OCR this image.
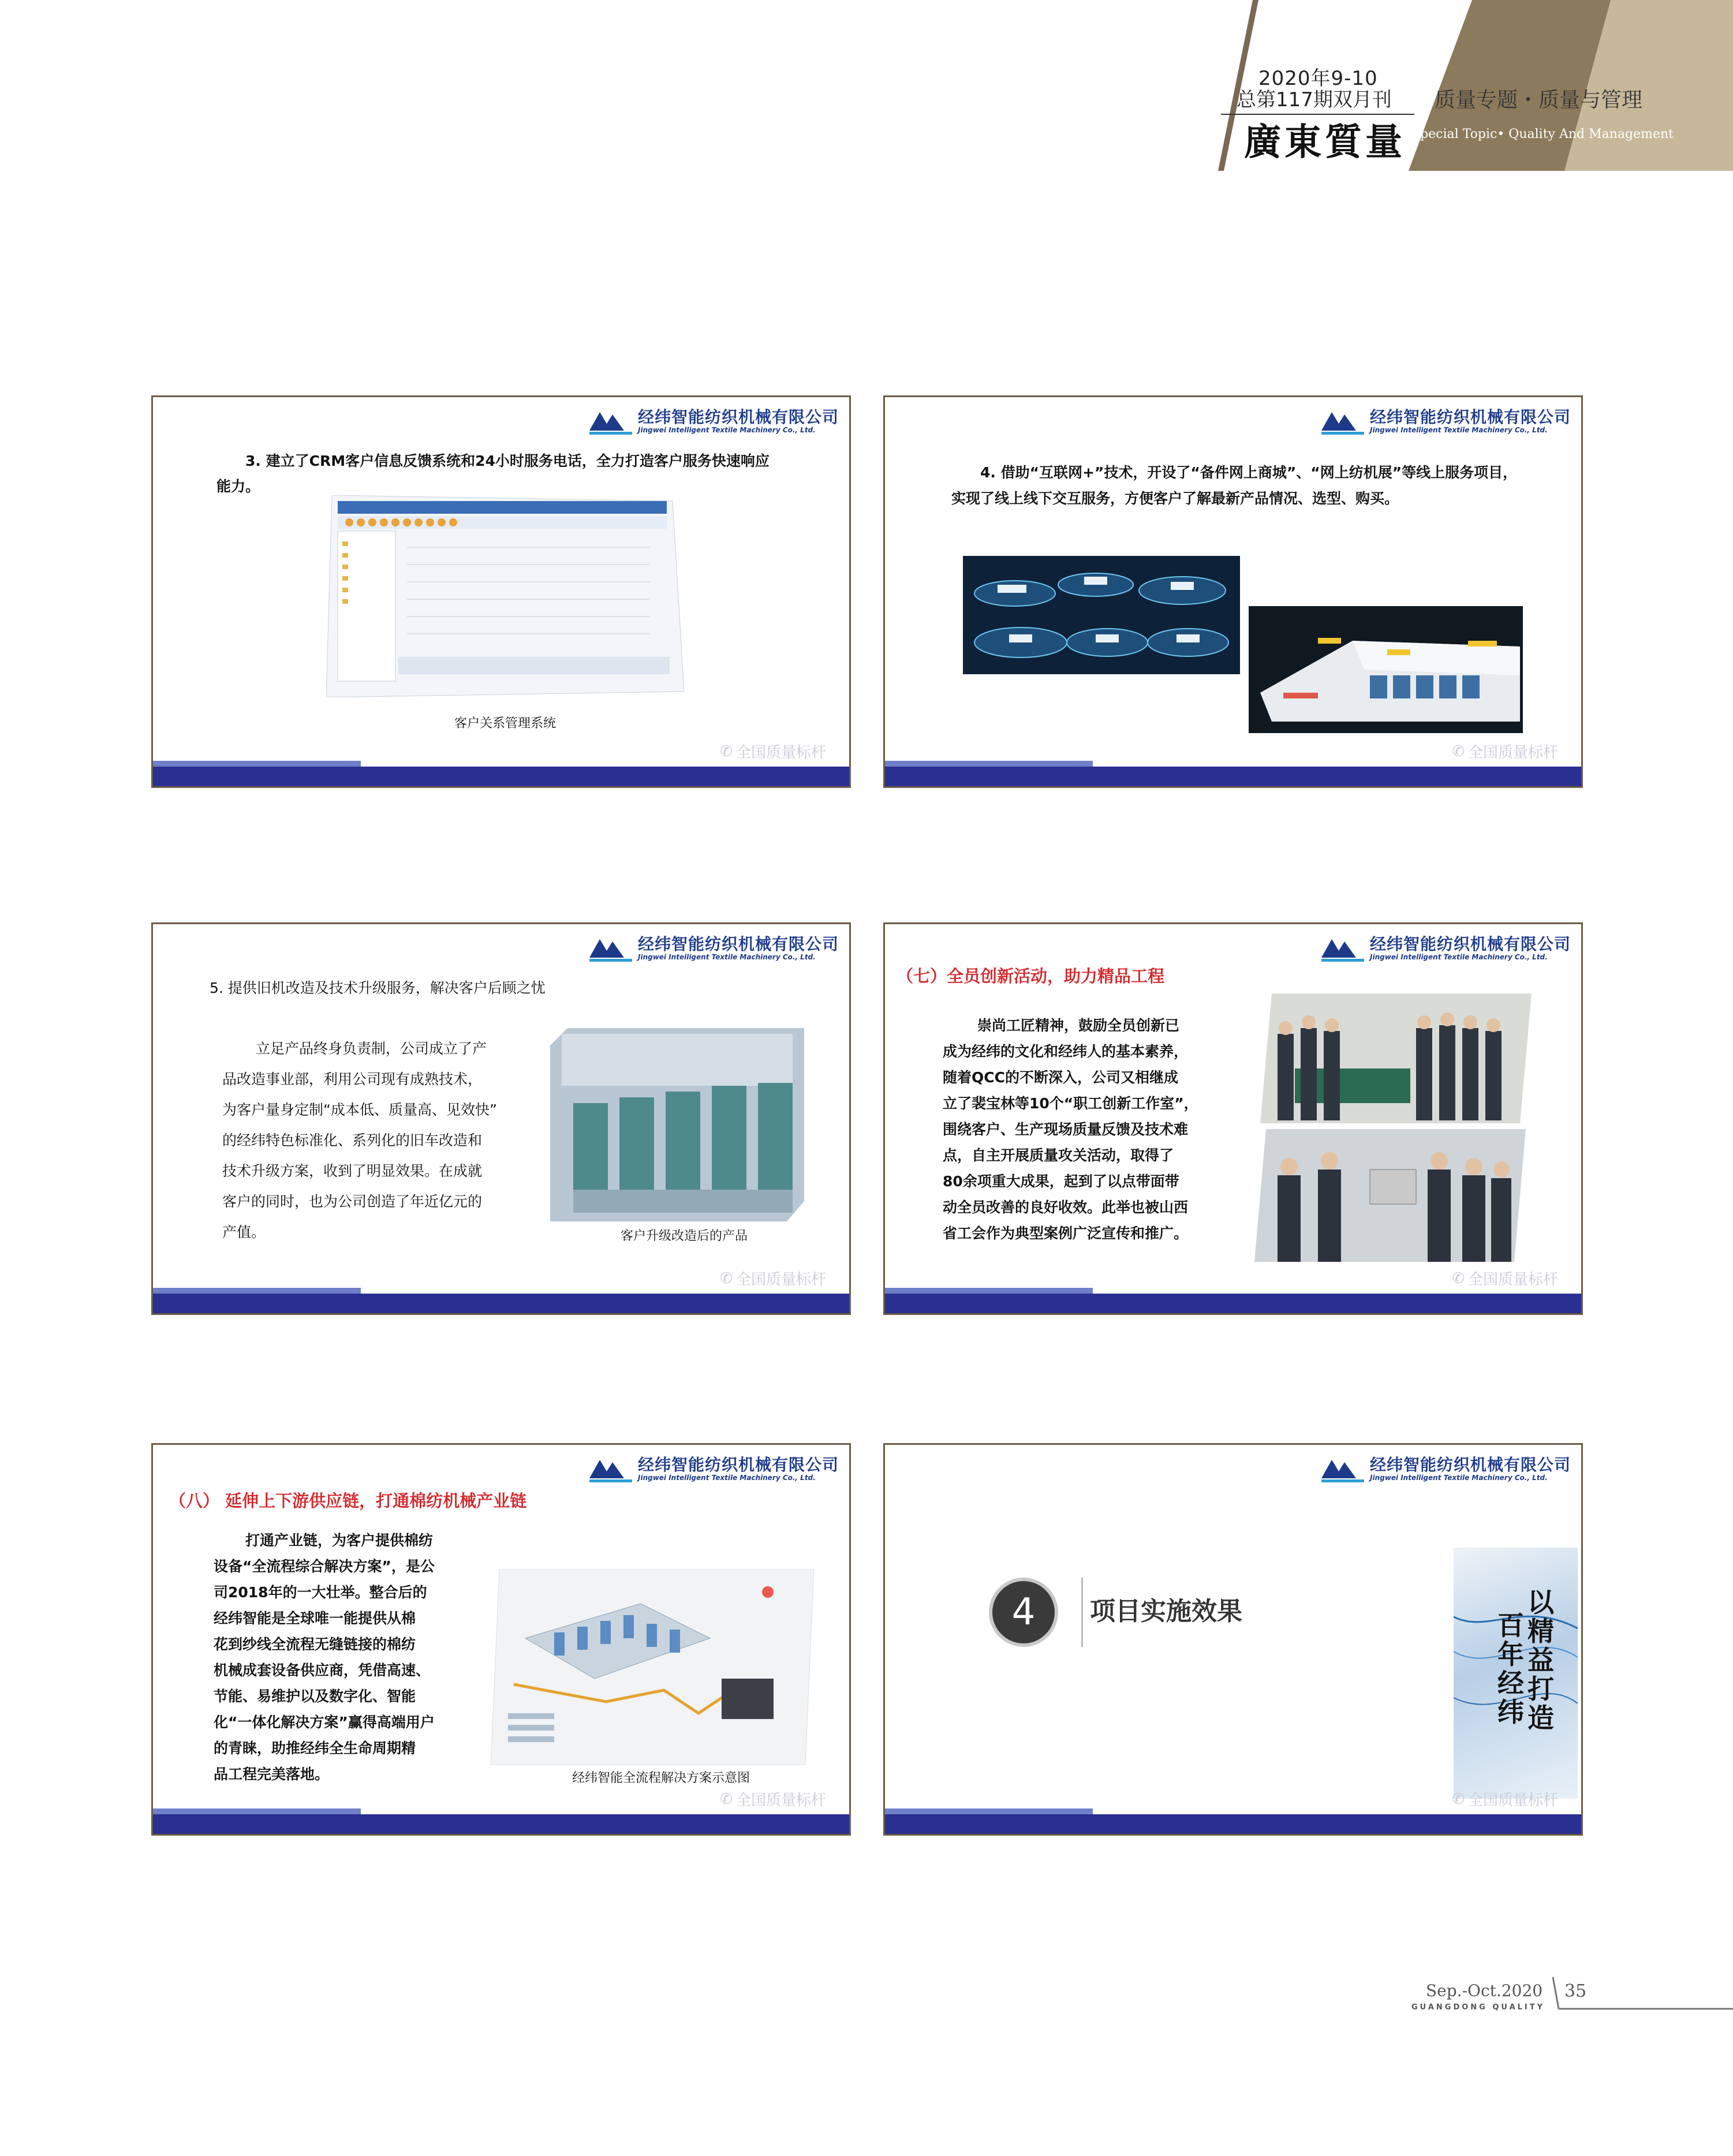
2020年9-10
总第117期双月刊 质量专题・质量与管理
Special Topic• Quality And Management
廣東質量
经纬智能纺织机械有限公司
Jingwei Intelligent Textile Machinery Co., Ltd.
3. 建立了CRM客户信息反馈系统和24小时服务电话，全力打造客户服务快速响应
能力。
客户关系管理系统
✆ 全国质量标杆
经纬智能纺织机械有限公司
Jingwei Intelligent Textile Machinery Co., Ltd.
4. 借助“互联网+”技术，开设了“备件网上商城”、“网上纺机展”等线上服务项目，
实现了线上线下交互服务，方便客户了解最新产品情况、选型、购买。
✆ 全国质量标杆
经纬智能纺织机械有限公司
Jingwei Intelligent Textile Machinery Co., Ltd.
5. 提供旧机改造及技术升级服务，解决客户后顾之忧
立足产品终身负责制，公司成立了产
品改造事业部，利用公司现有成熟技术，
为客户量身定制“成本低、质量高、见效快”
的经纬特色标准化、系列化的旧车改造和
技术升级方案，收到了明显效果。在成就
客户的同时，也为公司创造了年近亿元的
产值。	客户升级改造后的产品
✆ 全国质量标杆
经纬智能纺织机械有限公司
Jingwei Intelligent Textile Machinery Co., Ltd.
（七）全员创新活动，助力精品工程
崇尚工匠精神，鼓励全员创新已
成为经纬的文化和经纬人的基本素养，
随着QCC的不断深入，公司又相继成
立了裴宝林等10个“职工创新工作室”，
围绕客户、生产现场质量反馈及技术难
点，自主开展质量攻关活动，取得了
80余项重大成果，起到了以点带面带
动全员改善的良好收效。此举也被山西
省工会作为典型案例广泛宣传和推广。
✆ 全国质量标杆
经纬智能纺织机械有限公司
Jingwei Intelligent Textile Machinery Co., Ltd.
（八） 延伸上下游供应链，打通棉纺机械产业链
打通产业链，为客户提供棉纺
设备“全流程综合解决方案”，是公
司2018年的一大壮举。整合后的
经纬智能是全球唯一能提供从棉
花到纱线全流程无缝链接的棉纺
机械成套设备供应商，凭借高速、
节能、易维护以及数字化、智能
化“一体化解决方案”赢得高端用户
的青睐，助推经纬全生命周期精
品工程完美落地。	经纬智能全流程解决方案示意图
✆ 全国质量标杆
经纬智能纺织机械有限公司
Jingwei Intelligent Textile Machinery Co., Ltd.
4 项目实施效果	以精益打造
百年经纬
✆ 全国质量标杆
Sep.-Oct.2020
GUANGDONG QUALITY
35
